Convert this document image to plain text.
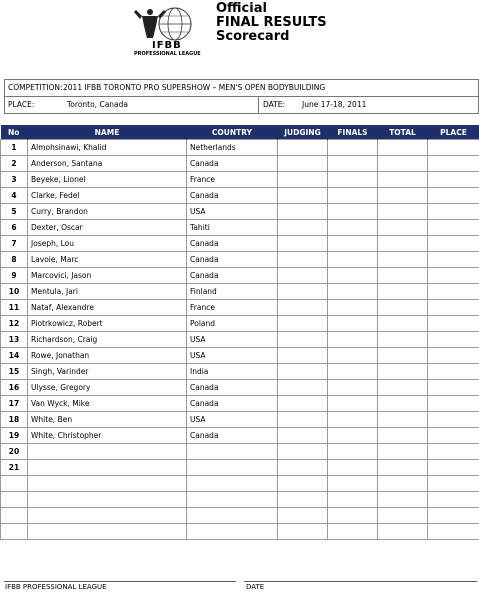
IFBB
PROFESSIONAL LEAGUE
Official
FINAL RESULTS
Scorecard
COMPETITION: 2011 IFBB TORONTO PRO SUPERSHOW – MEN'S OPEN BODYBUILDING
PLACE:	Toronto, Canada	DATE: June 17-18, 2011
No	NAME	COUNTRY	JUDGING	FINALS	TOTAL	PLACE
1	Almohsinawi, Khalid	Netherlands				
2	Anderson, Santana	Canada				
3	Beyeke, Lionel	France				
4	Clarke, Fedel	Canada				
5	Curry, Brandon	USA				
6	Dexter, Oscar	Tahiti				
7	Joseph, Lou	Canada				
8	Lavoie, Marc	Canada				
9	Marcovici, Jason	Canada				
10	Mentula, Jari	Finland				
11	Nataf, Alexandre	France				
12	Piotrkowicz, Robert	Poland				
13	Richardson, Craig	USA				
14	Rowe, Jonathan	USA				
15	Singh, Varinder	India				
16	Ulysse, Gregory	Canada				
17	Van Wyck, Mike	Canada				
18	White, Ben	USA				
19	White, Christopher	Canada				
20						
21						

IFBB PROFESSIONAL LEAGUE	DATE
